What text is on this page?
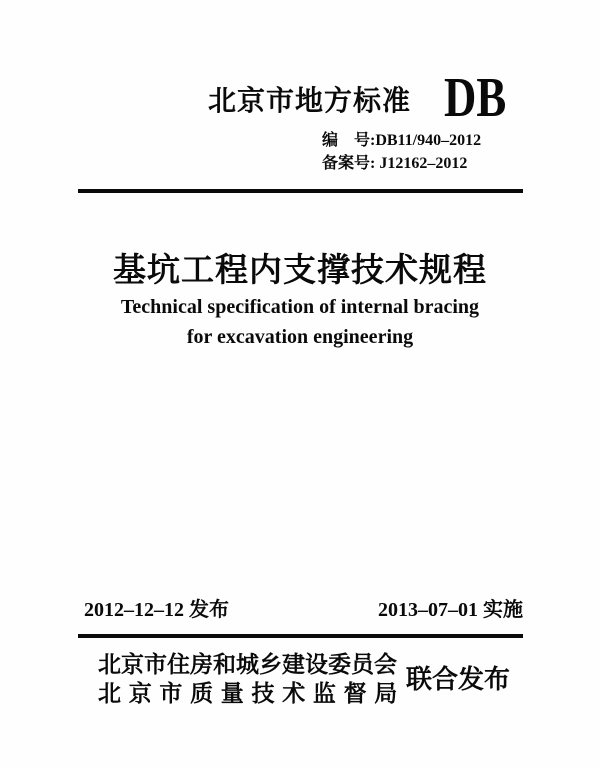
北京市地方标准 DB
编　号:DB11/940–2012
备案号: J12162–2012
基坑工程内支撑技术规程
Technical specification of internal bracing
for excavation engineering
2012–12–12 发布	2013–07–01 实施
北京市住房和城乡建设委员会
北京市质量技术监督局 联合发布
